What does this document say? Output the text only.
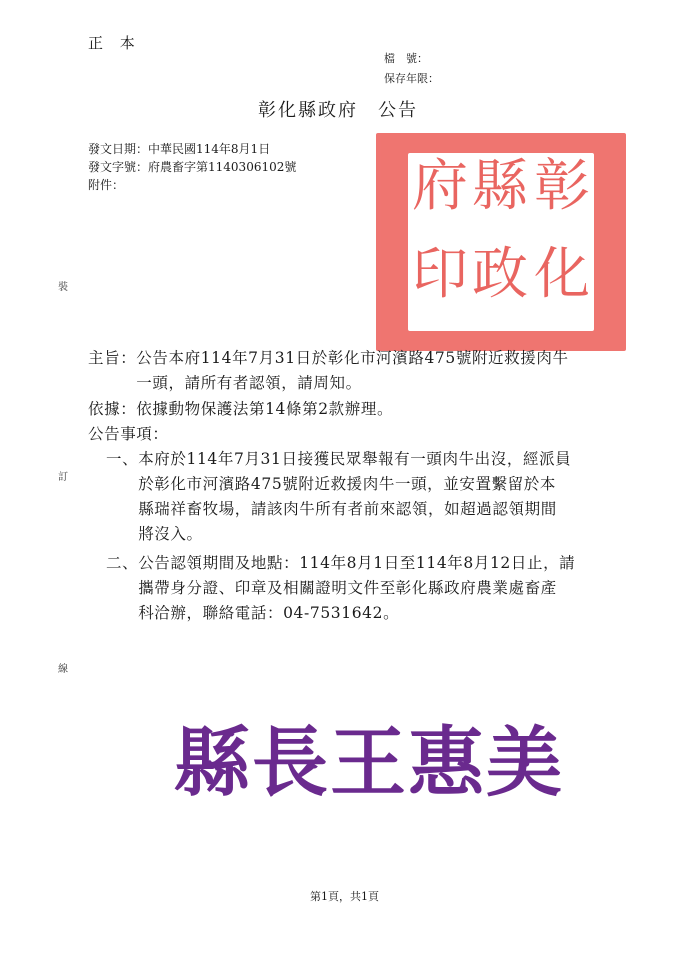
正 本
檔　號：
保存年限：
彰化縣政府　公告
發文日期：中華民國114年8月1日
發文字號：府農畜字第1140306102號
附件：
裝
訂
線
彰
化
縣
政
府
印
主旨：公告本府114年7月31日於彰化市河濱路475號附近救援肉牛
　　　一頭，請所有者認領，請周知。
依據：依據動物保護法第14條第2款辦理。
公告事項：
一、本府於114年7月31日接獲民眾舉報有一頭肉牛出沒，經派員
　　於彰化市河濱路475號附近救援肉牛一頭，並安置繫留於本
　　縣瑞祥畜牧場，請該肉牛所有者前來認領，如超過認領期間
　　將沒入。
二、公告認領期間及地點：114年8月1日至114年8月12日止，請
　　攜帶身分證、印章及相關證明文件至彰化縣政府農業處畜產
　　科洽辦，聯絡電話：04-7531642。
縣長王惠美
第1頁，共1頁
